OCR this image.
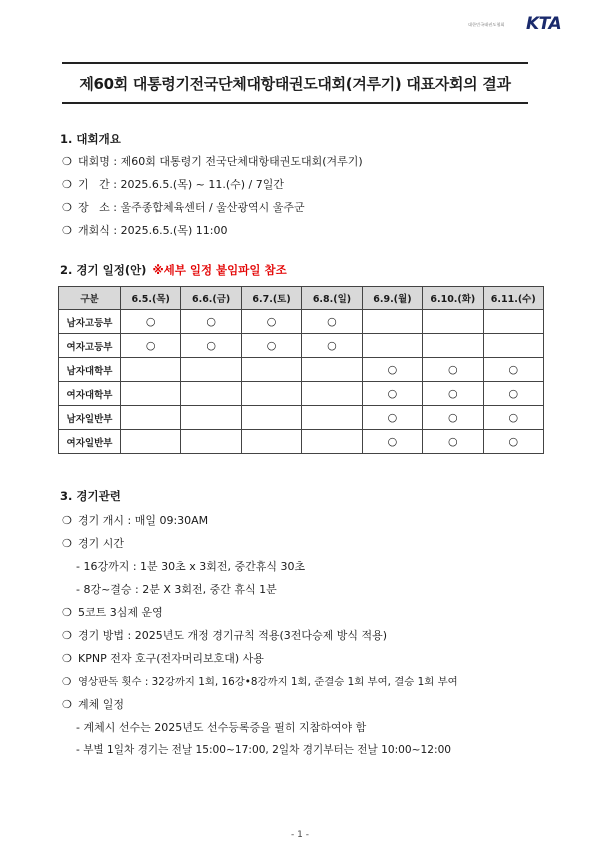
대한민국태권도협회 KTA
제60회 대통령기전국단체대항태권도대회(겨루기) 대표자회의 결과
1. 대회개요
❍ 대회명 : 제60회 대통령기 전국단체대항태권도대회(겨루기)
❍ 기   간 : 2025.6.5.(목) ~ 11.(수) / 7일간
❍ 장   소 : 울주종합체육센터 / 울산광역시 울주군
❍ 개회식 : 2025.6.5.(목) 11:00
2. 경기 일정(안) ※세부 일정 붙임파일 참조
구분	6.5.(목)	6.6.(금)	6.7.(토)	6.8.(일)	6.9.(월)	6.10.(화)	6.11.(수)
남자고등부	○	○	○	○			
여자고등부	○	○	○	○			
남자대학부					○	○	○
여자대학부					○	○	○
남자일반부					○	○	○
여자일반부					○	○	○
3. 경기관련
❍ 경기 개시 : 매일 09:30AM
❍ 경기 시간
- 16강까지 : 1분 30초 x 3회전, 중간휴식 30초
- 8강~결승 : 2분 X 3회전, 중간 휴식 1분
❍ 5코트 3심제 운영
❍ 경기 방법 : 2025년도 개정 경기규칙 적용(3전다승제 방식 적용)
❍ KPNP 전자 호구(전자머리보호대) 사용
❍ 영상판독 횟수 : 32강까지 1회, 16강•8강까지 1회, 준결승 1회 부여, 결승 1회 부여
❍ 계체 일정
- 계체시 선수는 2025년도 선수등록증을 필히 지참하여야 함
- 부별 1일차 경기는 전날 15:00~17:00, 2일차 경기부터는 전날 10:00~12:00
- 1 -
